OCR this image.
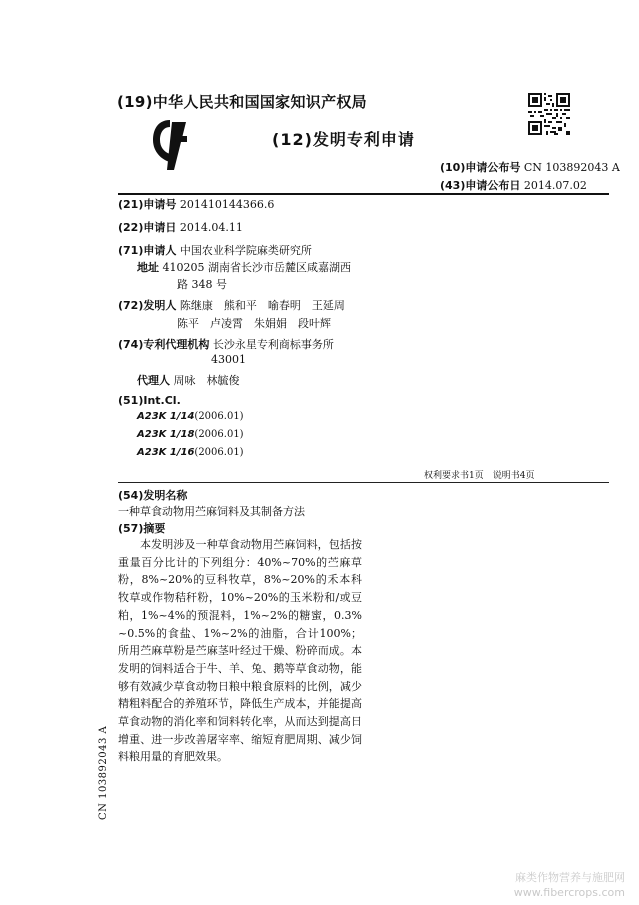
(19)中华人民共和国国家知识产权局
(12)发明专利申请
(10)申请公布号 CN 103892043 A
(43)申请公布日 2014.07.02
(21)申请号 201410144366.6
(22)申请日 2014.04.11
(71)申请人 中国农业科学院麻类研究所
地址 410205 湖南省长沙市岳麓区咸嘉湖西
路 348 号
(72)发明人 陈继康　熊和平　喻春明　王延周
陈平　卢凌霄　朱娟娟　段叶辉
(74)专利代理机构 长沙永星专利商标事务所
43001
代理人 周咏　林毓俊
(51)Int.Cl.
A23K 1/14(2006.01)
A23K 1/18(2006.01)
A23K 1/16(2006.01)
权利要求书1页　说明书4页
(54)发明名称
一种草食动物用苎麻饲料及其制备方法
(57)摘要
本发明涉及一种草食动物用苎麻饲料，包括按重量百分比计的下列组分：40%~70%的苎麻草粉，8%~20%的豆科牧草，8%~20%的禾本科牧草或作物秸秆粉，10%~20%的玉米粉和/或豆粕，1%~4%的预混料，1%~2%的糖蜜，0.3%~0.5%的食盐、1%~2%的油脂，合计100%；所用苎麻草粉是苎麻茎叶经过干燥、粉碎而成。本发明的饲料适合于牛、羊、兔、鹅等草食动物，能够有效减少草食动物日粮中粮食原料的比例，减少精粗料配合的养殖环节，降低生产成本，并能提高草食动物的消化率和饲料转化率，从而达到提高日增重、进一步改善屠宰率、缩短育肥周期、减少饲料粮用量的育肥效果。
CN 103892043 A
麻类作物营养与施肥网
www.fibercrops.com
